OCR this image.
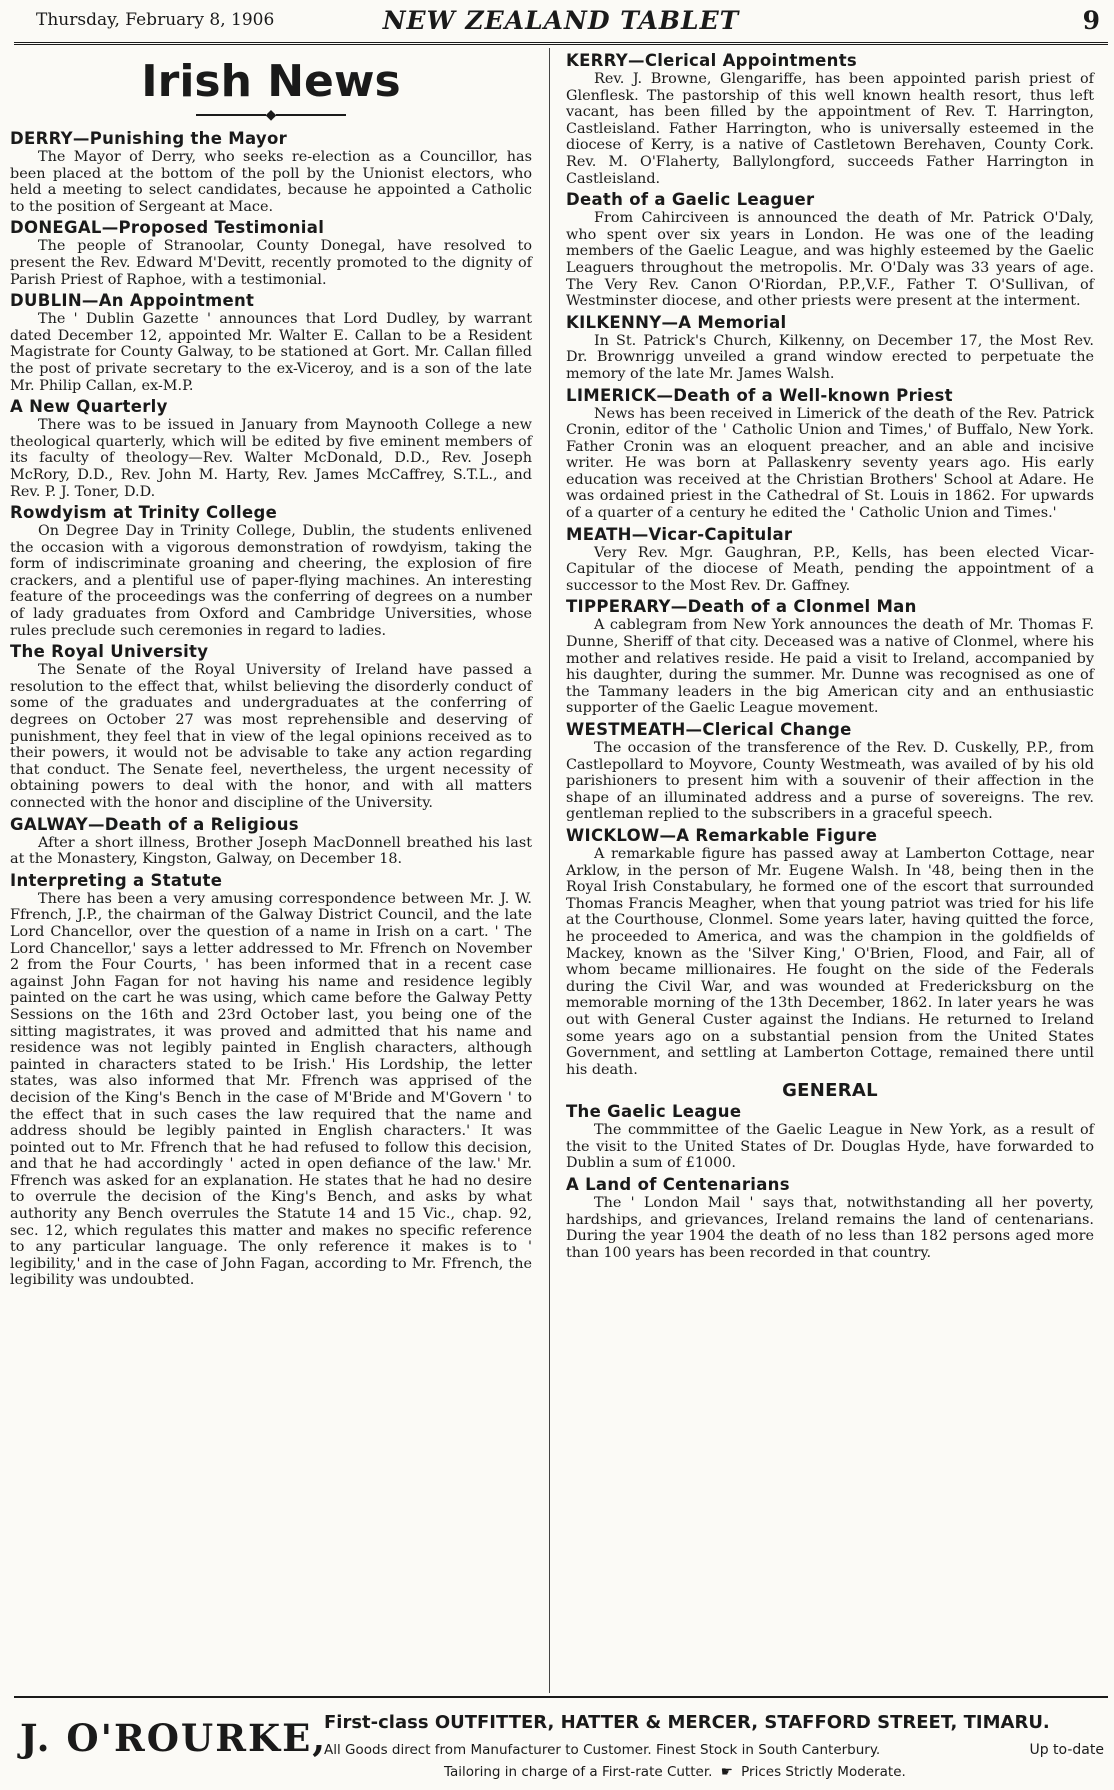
Thursday, February 8, 1906	NEW ZEALAND TABLET	9
Irish News
◆
DERRY—Punishing the Mayor

The Mayor of Derry, who seeks re-election as a Councillor, has been placed at the bottom of the poll by the Unionist electors, who held a meeting to select candidates, because he appointed a Catholic to the position of Sergeant at Mace.

DONEGAL—Proposed Testimonial

The people of Stranoolar, County Donegal, have resolved to present the Rev. Edward M'Devitt, recently promoted to the dignity of Parish Priest of Raphoe, with a testimonial.

DUBLIN—An Appointment

The ' Dublin Gazette ' announces that Lord Dudley, by warrant dated December 12, appointed Mr. Walter E. Callan to be a Resident Magistrate for County Galway, to be stationed at Gort. Mr. Callan filled the post of private secretary to the ex-Viceroy, and is a son of the late Mr. Philip Callan, ex-M.P.

A New Quarterly

There was to be issued in January from Maynooth College a new theological quarterly, which will be edited by five eminent members of its faculty of theology—Rev. Walter McDonald, D.D., Rev. Joseph McRory, D.D., Rev. John M. Harty, Rev. James McCaffrey, S.T.L., and Rev. P. J. Toner, D.D.

Rowdyism at Trinity College

On Degree Day in Trinity College, Dublin, the students enlivened the occasion with a vigorous demonstration of rowdyism, taking the form of indiscriminate groaning and cheering, the explosion of fire crackers, and a plentiful use of paper-flying machines. An interesting feature of the proceedings was the conferring of degrees on a number of lady graduates from Oxford and Cambridge Universities, whose rules preclude such ceremonies in regard to ladies.

The Royal University

The Senate of the Royal University of Ireland have passed a resolution to the effect that, whilst believing the disorderly conduct of some of the graduates and undergraduates at the conferring of degrees on October 27 was most reprehensible and deserving of punishment, they feel that in view of the legal opinions received as to their powers, it would not be advisable to take any action regarding that conduct. The Senate feel, nevertheless, the urgent necessity of obtaining powers to deal with the honor, and with all matters connected with the honor and discipline of the University.

GALWAY—Death of a Religious

After a short illness, Brother Joseph MacDonnell breathed his last at the Monastery, Kingston, Galway, on December 18.

Interpreting a Statute

There has been a very amusing correspondence between Mr. J. W. Ffrench, J.P., the chairman of the Galway District Council, and the late Lord Chancellor, over the question of a name in Irish on a cart. ' The Lord Chancellor,' says a letter addressed to Mr. Ffrench on November 2 from the Four Courts, ' has been informed that in a recent case against John Fagan for not having his name and residence legibly painted on the cart he was using, which came before the Galway Petty Sessions on the 16th and 23rd October last, you being one of the sitting magistrates, it was proved and admitted that his name and residence was not legibly painted in English characters, although painted in characters stated to be Irish.' His Lordship, the letter states, was also informed that Mr. Ffrench was apprised of the decision of the King's Bench in the case of M'Bride and M'Govern ' to the effect that in such cases the law required that the name and address should be legibly painted in English characters.' It was pointed out to Mr. Ffrench that he had refused to follow this decision, and that he had accordingly ' acted in open defiance of the law.' Mr. Ffrench was asked for an explanation. He states that he had no desire to overrule the decision of the King's Bench, and asks by what authority any Bench overrules the Statute 14 and 15 Vic., chap. 92, sec. 12, which regulates this matter and makes no specific reference to any particular language. The only reference it makes is to ' legibility,' and in the case of John Fagan, according to Mr. Ffrench, the legibility was undoubted.

KERRY—Clerical Appointments

Rev. J. Browne, Glengariffe, has been appointed parish priest of Glenflesk. The pastorship of this well known health resort, thus left vacant, has been filled by the appointment of Rev. T. Harrington, Castleisland. Father Harrington, who is universally esteemed in the diocese of Kerry, is a native of Castletown Berehaven, County Cork. Rev. M. O'Flaherty, Ballylongford, succeeds Father Harrington in Castleisland.

Death of a Gaelic Leaguer

From Cahirciveen is announced the death of Mr. Patrick O'Daly, who spent over six years in London. He was one of the leading members of the Gaelic League, and was highly esteemed by the Gaelic Leaguers throughout the metropolis. Mr. O'Daly was 33 years of age. The Very Rev. Canon O'Riordan, P.P.,V.F., Father T. O'Sullivan, of Westminster diocese, and other priests were present at the interment.

KILKENNY—A Memorial

In St. Patrick's Church, Kilkenny, on December 17, the Most Rev. Dr. Brownrigg unveiled a grand window erected to perpetuate the memory of the late Mr. James Walsh.

LIMERICK—Death of a Well-known Priest

News has been received in Limerick of the death of the Rev. Patrick Cronin, editor of the ' Catholic Union and Times,' of Buffalo, New York. Father Cronin was an eloquent preacher, and an able and incisive writer. He was born at Pallaskenry seventy years ago. His early education was received at the Christian Brothers' School at Adare. He was ordained priest in the Cathedral of St. Louis in 1862. For upwards of a quarter of a century he edited the ' Catholic Union and Times.'

MEATH—Vicar-Capitular

Very Rev. Mgr. Gaughran, P.P., Kells, has been elected Vicar-Capitular of the diocese of Meath, pending the appointment of a successor to the Most Rev. Dr. Gaffney.

TIPPERARY—Death of a Clonmel Man

A cablegram from New York announces the death of Mr. Thomas F. Dunne, Sheriff of that city. Deceased was a native of Clonmel, where his mother and relatives reside. He paid a visit to Ireland, accompanied by his daughter, during the summer. Mr. Dunne was recognised as one of the Tammany leaders in the big American city and an enthusiastic supporter of the Gaelic League movement.

WESTMEATH—Clerical Change

The occasion of the transference of the Rev. D. Cuskelly, P.P., from Castlepollard to Moyvore, County Westmeath, was availed of by his old parishioners to present him with a souvenir of their affection in the shape of an illuminated address and a purse of sovereigns. The rev. gentleman replied to the subscribers in a graceful speech.

WICKLOW—A Remarkable Figure

A remarkable figure has passed away at Lamberton Cottage, near Arklow, in the person of Mr. Eugene Walsh. In '48, being then in the Royal Irish Constabulary, he formed one of the escort that surrounded Thomas Francis Meagher, when that young patriot was tried for his life at the Courthouse, Clonmel. Some years later, having quitted the force, he proceeded to America, and was the champion in the goldfields of Mackey, known as the 'Silver King,' O'Brien, Flood, and Fair, all of whom became millionaires. He fought on the side of the Federals during the Civil War, and was wounded at Fredericksburg on the memorable morning of the 13th December, 1862. In later years he was out with General Custer against the Indians. He returned to Ireland some years ago on a substantial pension from the United States Government, and settling at Lamberton Cottage, remained there until his death.

GENERAL
The Gaelic League

The commmittee of the Gaelic League in New York, as a result of the visit to the United States of Dr. Douglas Hyde, have forwarded to Dublin a sum of £1000.

A Land of Centenarians

The ' London Mail ' says that, notwithstanding all her poverty, hardships, and grievances, Ireland remains the land of centenarians. During the year 1904 the death of no less than 182 persons aged more than 100 years has been recorded in that country.

J. O'ROURKE,
First-class OUTFITTER, HATTER & MERCER, STAFFORD STREET, TIMARU.
All Goods direct from Manufacturer to Customer. Finest Stock in South Canterbury.	Up to-date
Tailoring in charge of a First-rate Cutter. ☛ Prices Strictly Moderate.
